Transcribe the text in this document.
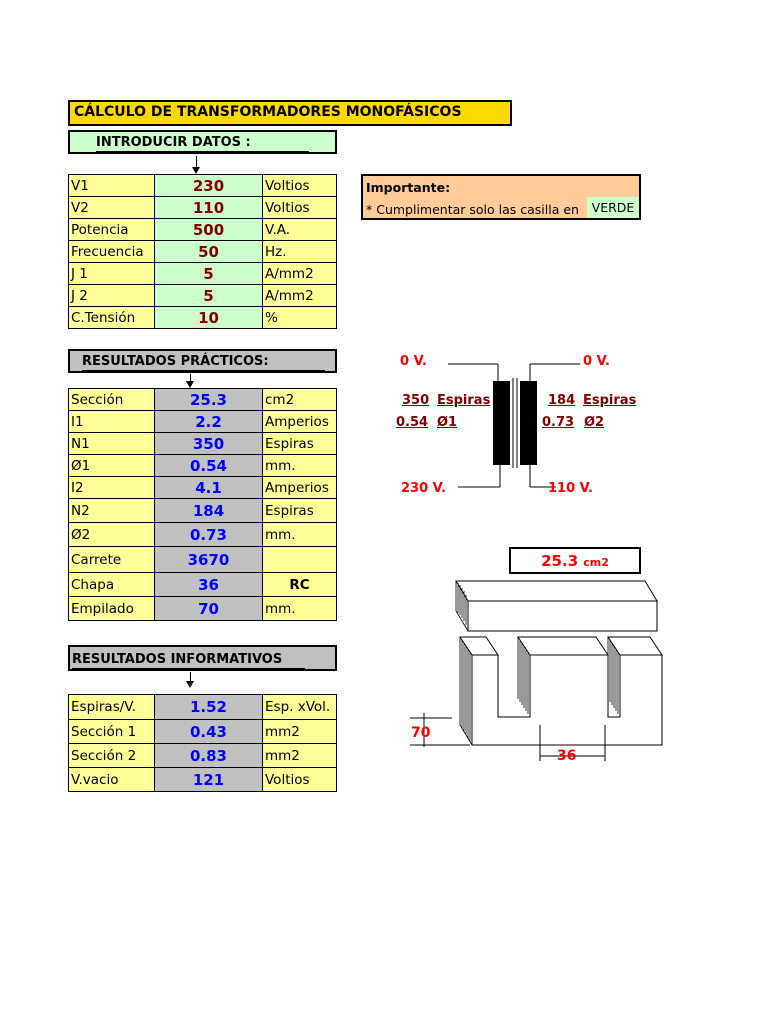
CÁLCULO DE TRANSFORMADORES MONOFÁSICOS
INTRODUCIR DATOS :
V1	230	Voltios
V2	110	Voltios
Potencia	500	V.A.
Frecuencia	50	Hz.
J 1	5	A/mm2
J 2	5	A/mm2
C.Tensión	10	%
Importante:
* Cumplimentar solo las casilla en	VERDE
RESULTADOS PRÁCTICOS:
Sección	25.3	cm2
I1	2.2	Amperios
N1	350	Espiras
Ø1	0.54	mm.
I2	4.1	Amperios
N2	184	Espiras
Ø2	0.73	mm.
Carrete	3670	
Chapa	36	RC
Empilado	70	mm.
RESULTADOS INFORMATIVOS
Espiras/V.	1.52	Esp. xVol.
Sección 1	0.43	mm2
Sección 2	0.83	mm2
V.vacio	121	Voltios
0 V.	0 V.
350 Espiras	184 Espiras
0.54 Ø1	0.73 Ø2
230 V.	110 V.
25.3 cm2
70
36
